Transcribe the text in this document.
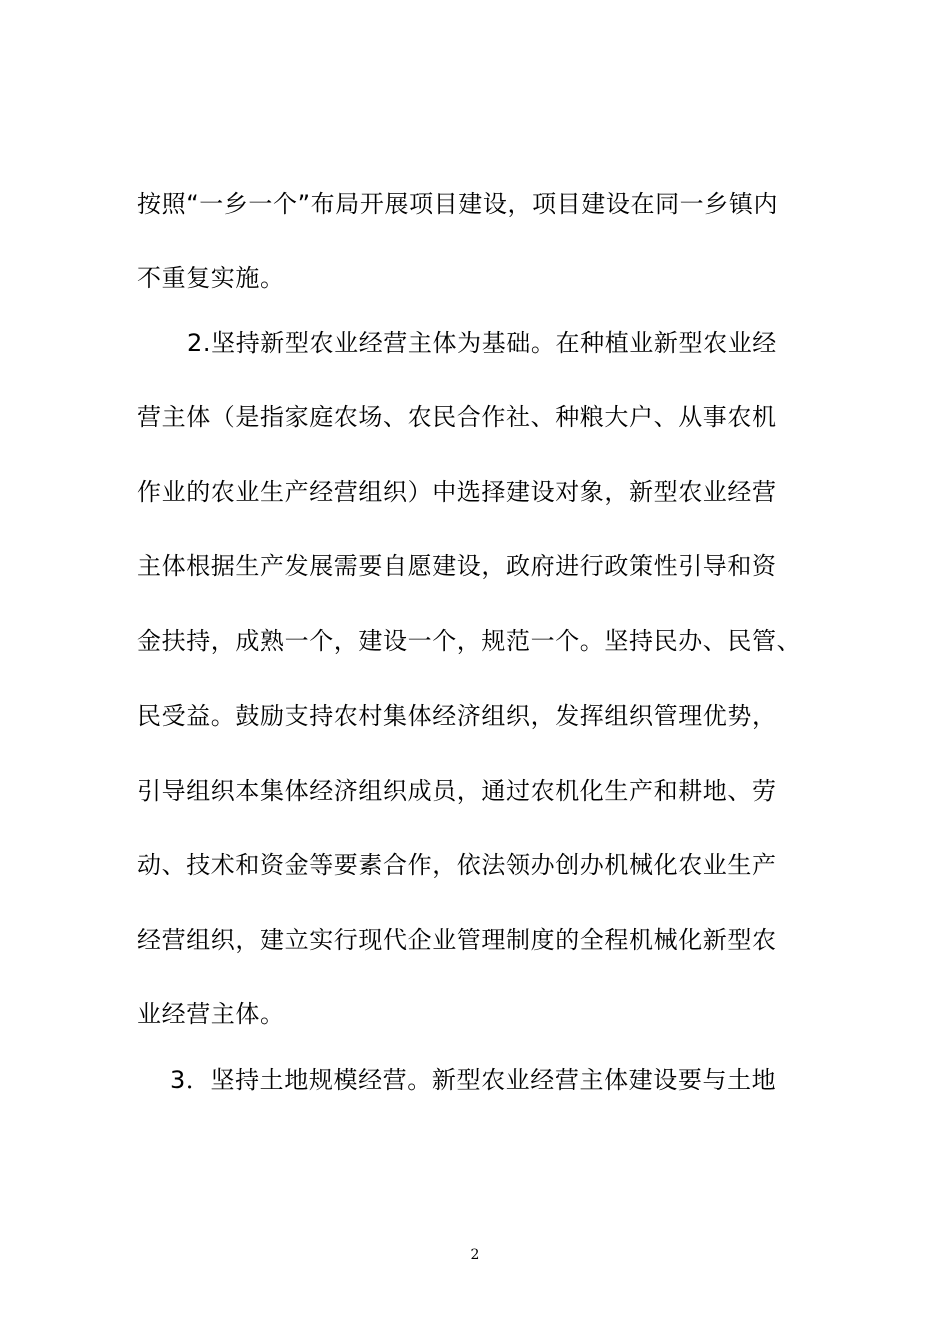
按照“一乡一个”布局开展项目建设，项目建设在同一乡镇内
不重复实施。
2.坚持新型农业经营主体为基础。在种植业新型农业经
营主体（是指家庭农场、农民合作社、种粮大户、从事农机
作业的农业生产经营组织）中选择建设对象，新型农业经营
主体根据生产发展需要自愿建设，政府进行政策性引导和资
金扶持，成熟一个，建设一个，规范一个。坚持民办、民管、
民受益。鼓励支持农村集体经济组织，发挥组织管理优势，
引导组织本集体经济组织成员，通过农机化生产和耕地、劳
动、技术和资金等要素合作，依法领办创办机械化农业生产
经营组织，建立实行现代企业管理制度的全程机械化新型农
业经营主体。
3．坚持土地规模经营。新型农业经营主体建设要与土地
2
